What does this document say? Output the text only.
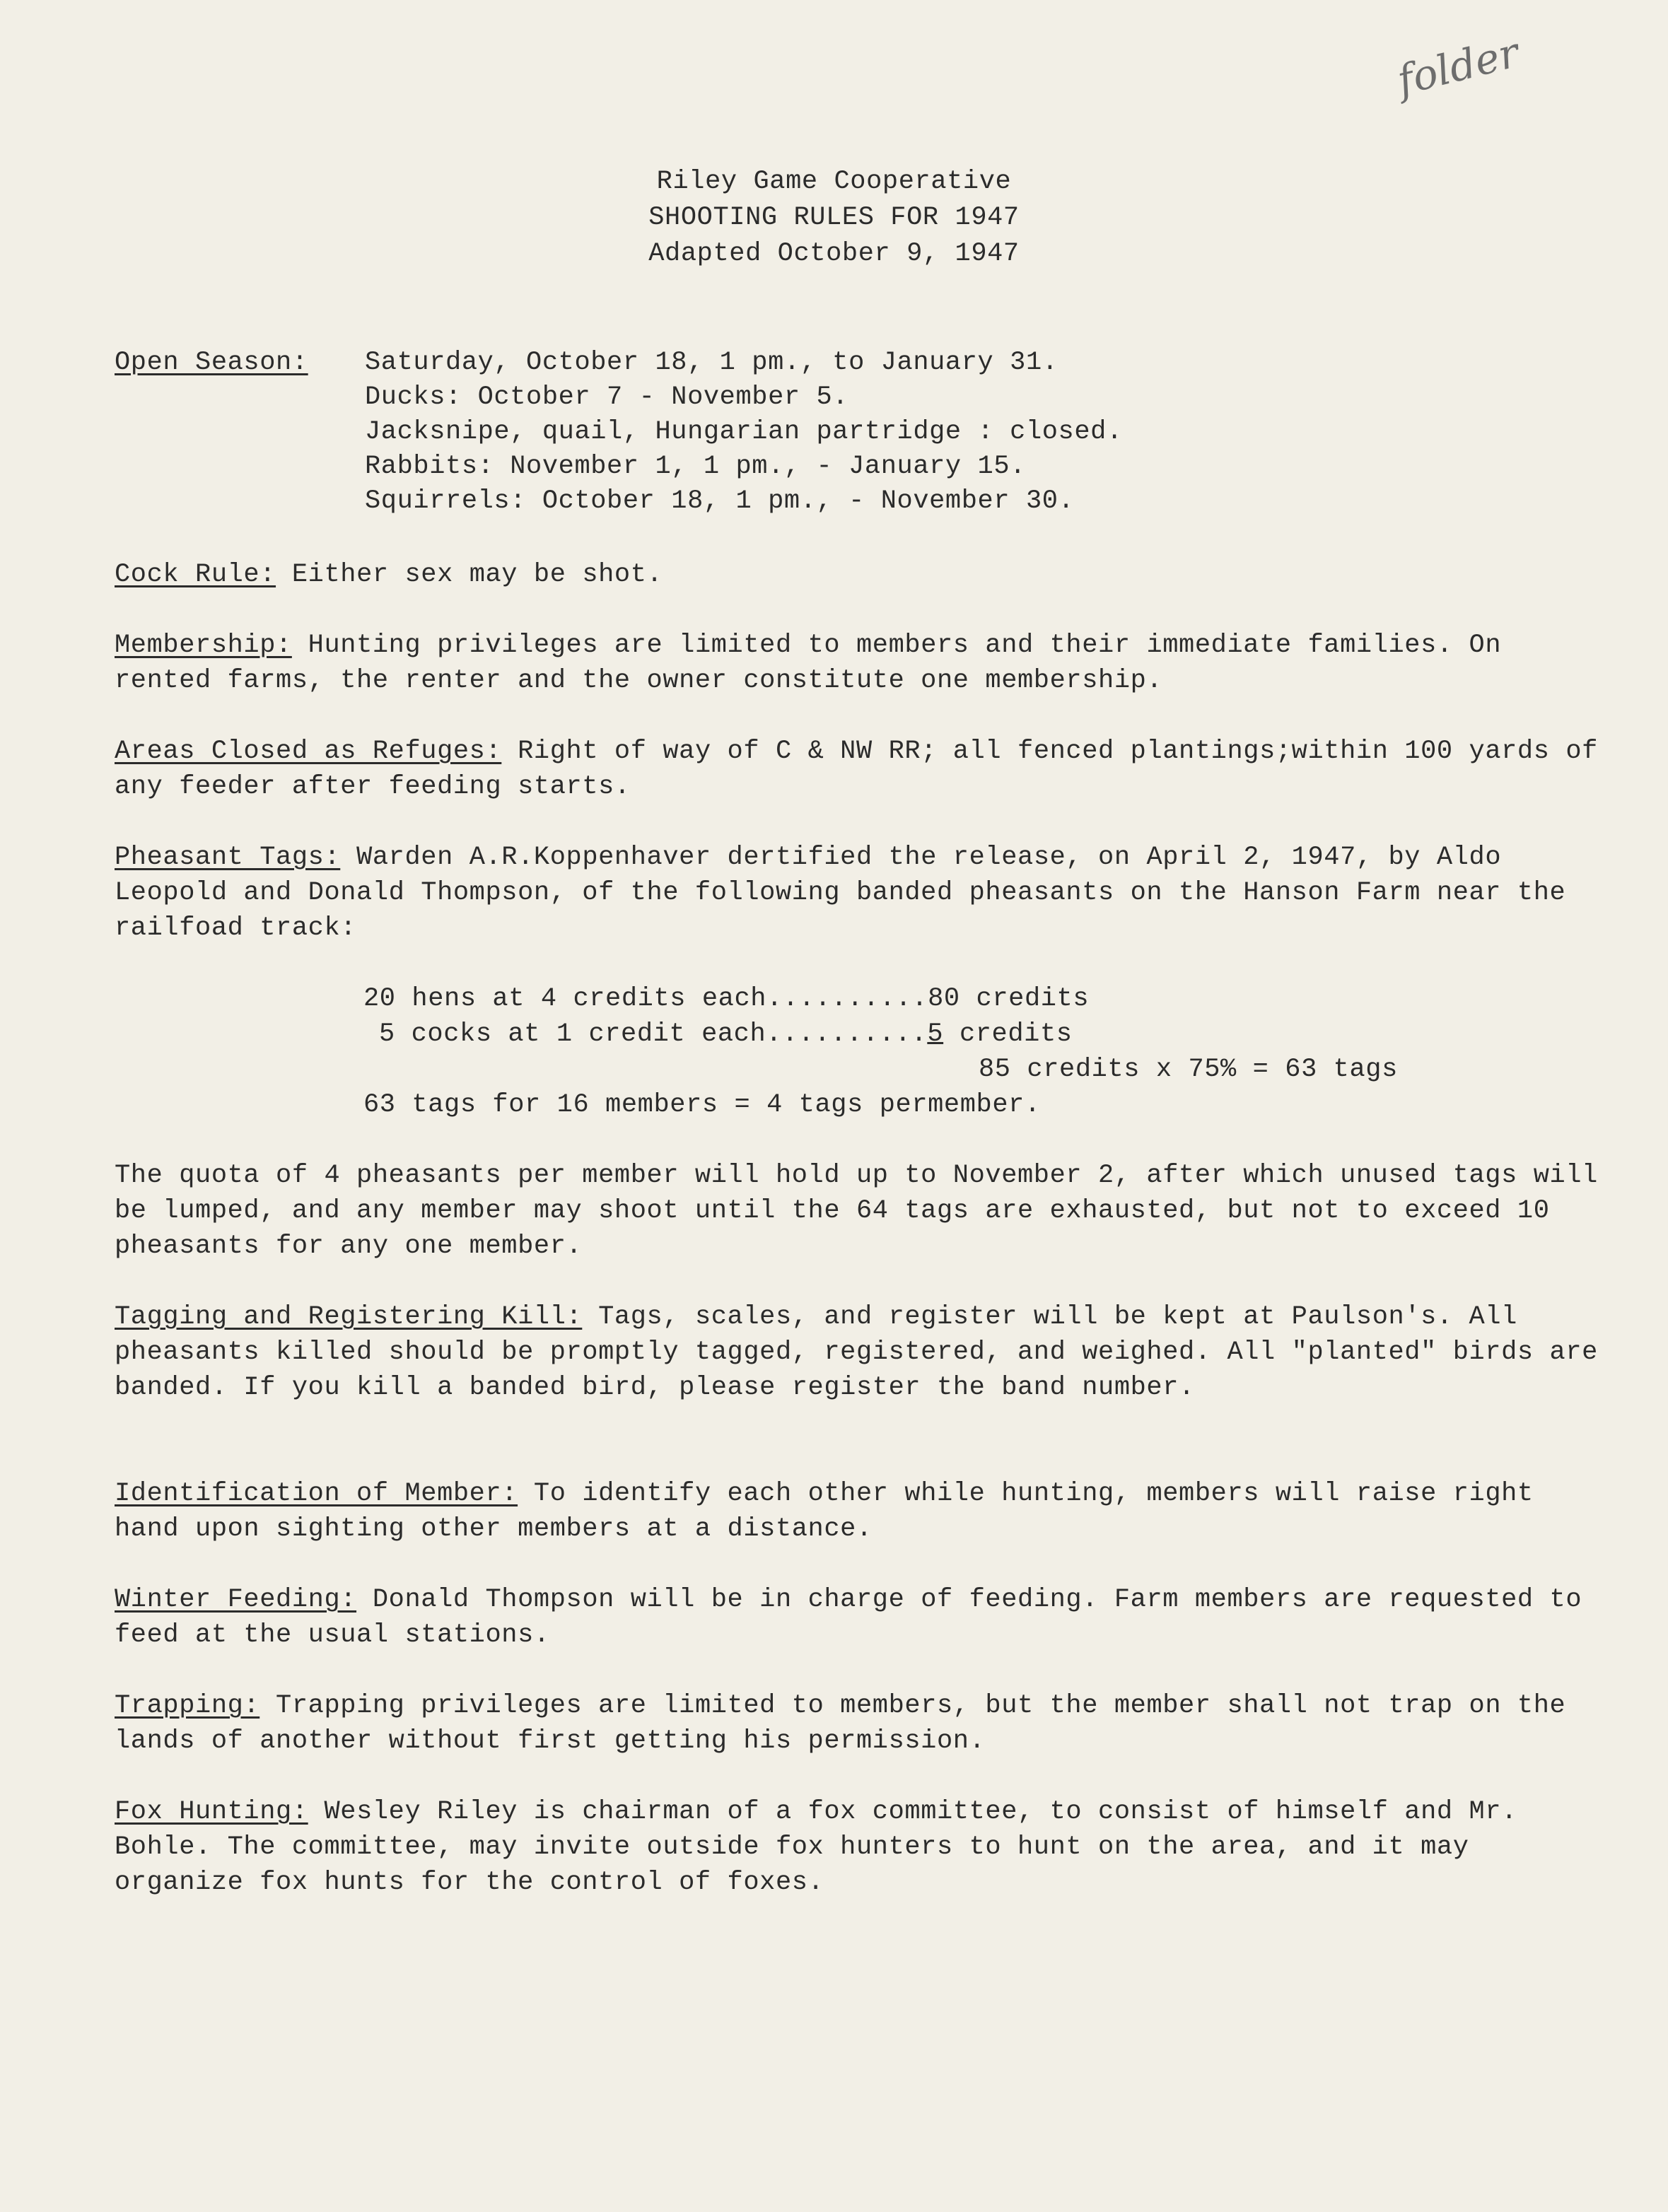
folder
Riley Game Cooperative
SHOOTING RULES FOR 1947
Adapted October 9, 1947
Open Season: Saturday, October 18, 1 pm., to January 31.
Ducks: October 7 - November 5.
Jacksnipe, quail, Hungarian partridge : closed.
Rabbits: November 1, 1 pm., - January 15.
Squirrels: October 18, 1 pm., - November 30.
Cock Rule: Either sex may be shot.
Membership: Hunting privileges are limited to members and their immediate families. On rented farms, the renter and the owner constitute one membership.
Areas Closed as Refuges: Right of way of C & NW RR; all fenced plantings;within 100 yards of any feeder after feeding starts.
Pheasant Tags: Warden A.R.Koppenhaver dertified the release, on April 2, 1947, by Aldo Leopold and Donald Thompson, of the following banded pheasants on the Hanson Farm near the railfoad track:
20 hens at 4 credits each..........80 credits
5 cocks at 1 credit each..........5 credits
85 credits x 75% = 63 tags
63 tags for 16 members = 4 tags permember.
The quota of 4 pheasants per member will hold up to November 2, after which unused tags will be lumped, and any member may shoot until the 64 tags are exhausted, but not to exceed 10 pheasants for any one member.
Tagging and Registering Kill: Tags, scales, and register will be kept at Paulson's. All pheasants killed should be promptly tagged, registered, and weighed. All "planted" birds are banded. If you kill a banded bird, please register the band number.
Identification of Member: To identify each other while hunting, members will raise right hand upon sighting other members at a distance.
Winter Feeding: Donald Thompson will be in charge of feeding. Farm members are requested to feed at the usual stations.
Trapping: Trapping privileges are limited to members, but the member shall not trap on the lands of another without first getting his permission.
Fox Hunting: Wesley Riley is chairman of a fox committee, to consist of himself and Mr. Bohle. The committee, may invite outside fox hunters to hunt on the area, and it may organize fox hunts for the control of foxes.
